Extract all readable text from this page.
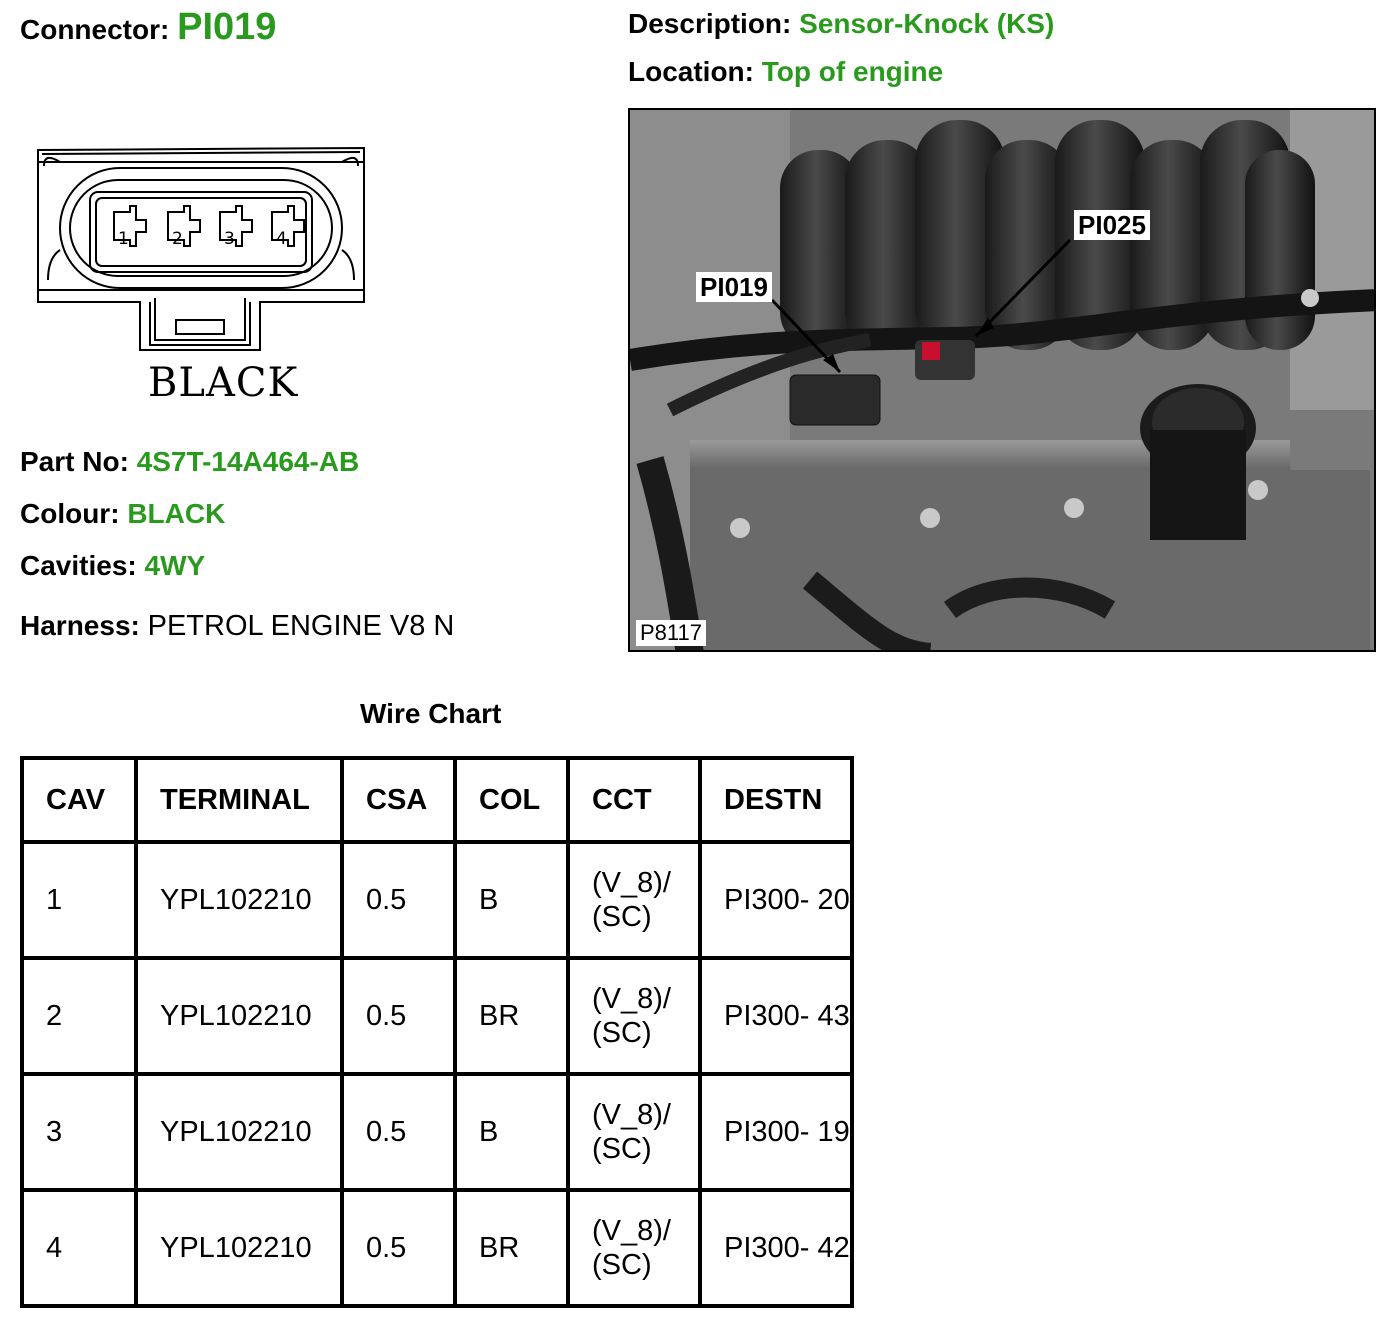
Connector: PI019	Description: Sensor-Knock (KS)
Location: Top of engine
1	2 3 4
BLACK
Part No: 4S7T-14A464-AB
Colour: BLACK
Cavities: 4WY
Harness: PETROL ENGINE V8 N
PI025
PI019
P8117
Wire Chart
CAV	TERMINAL	CSA	COL	CCT	DESTN
1	YPL102210	0.5	B	(V_8)/ (SC)	PI300- 20
2	YPL102210	0.5	BR	(V_8)/ (SC)	PI300- 43
3	YPL102210	0.5	B	(V_8)/ (SC)	PI300- 19
4	YPL102210	0.5	BR	(V_8)/ (SC)	PI300- 42
